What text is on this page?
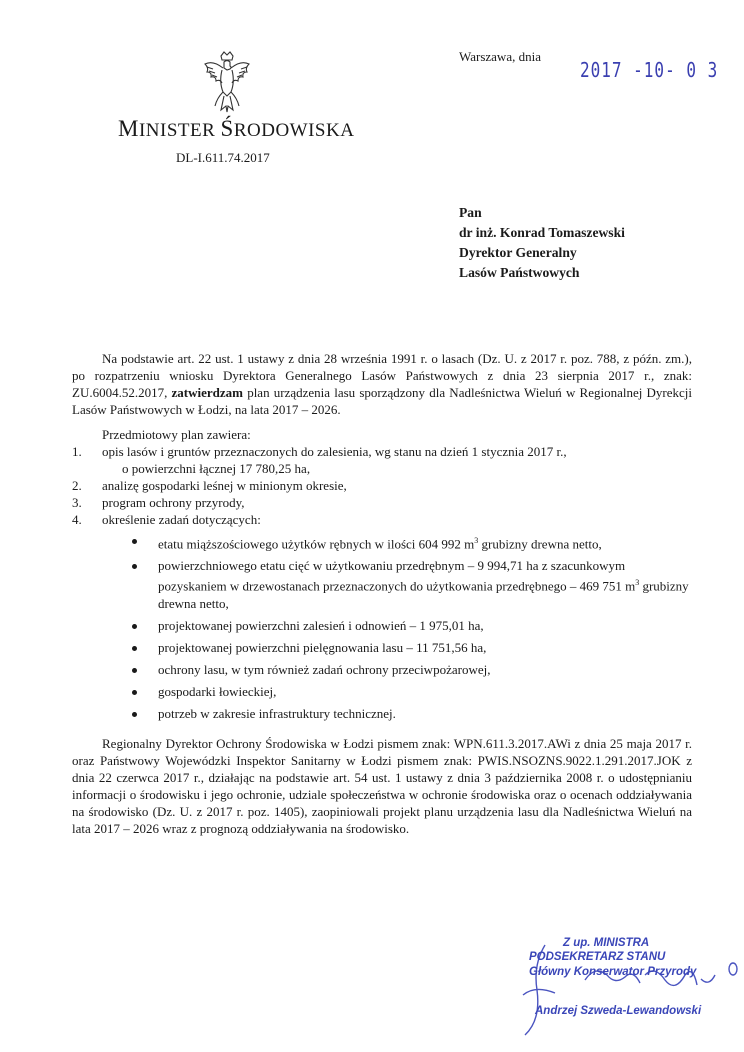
MINISTER ŚRODOWISKA
DL-I.611.74.2017
Warszawa, dnia
2017 -10- 0 3
Pan
dr inż. Konrad Tomaszewski
Dyrektor Generalny
Lasów Państwowych

Na podstawie art. 22 ust. 1 ustawy z dnia 28 września 1991 r. o lasach (Dz. U. z 2017 r. poz. 788, z późn. zm.), po rozpatrzeniu wniosku Dyrektora Generalnego Lasów Państwowych z dnia 23 sierpnia 2017 r., znak: ZU.6004.52.2017, zatwierdzam plan urządzenia lasu sporządzony dla Nadleśnictwa Wieluń w Regionalnej Dyrekcji Lasów Państwowych w Łodzi, na lata 2017 – 2026.

Przedmiotowy plan zawiera:

1. opis lasów i gruntów przeznaczonych do zalesienia, wg stanu na dzień 1 stycznia 2017 r.,
o powierzchni łącznej 17 780,25 ha,
2. analizę gospodarki leśnej w minionym okresie,
3. program ochrony przyrody,
4. określenie zadań dotyczących:
etatu miąższościowego użytków rębnych w ilości 604 992 $m^3$ grubizny drewna netto,
powierzchniowego etatu cięć w użytkowaniu przedrębnym – 9 994,71 ha z szacunkowym pozyskaniem w drzewostanach przeznaczonych do użytkowania przedrębnego – 469 751 $m^3$ grubizny drewna netto,
projektowanej powierzchni zalesień i odnowień – 1 975,01 ha,
projektowanej powierzchni pielęgnowania lasu – 11 751,56 ha,
ochrony lasu, w tym również zadań ochrony przeciwpożarowej,
gospodarki łowieckiej,
potrzeb w zakresie infrastruktury technicznej.

Regionalny Dyrektor Ochrony Środowiska w Łodzi pismem znak: WPN.611.3.2017.AWi z dnia 25 maja 2017 r. oraz Państwowy Wojewódzki Inspektor Sanitarny w Łodzi pismem znak: PWIS.NSOZNS.9022.1.291.2017.JOK z dnia 22 czerwca 2017 r., działając na podstawie art. 54 ust. 1 ustawy z dnia 3 października 2008 r. o udostępnianiu informacji o środowisku i jego ochronie, udziale społeczeństwa w ochronie środowiska oraz o ocenach oddziaływania na środowisko (Dz. U. z 2017 r. poz. 1405), zaopiniowali projekt planu urządzenia lasu dla Nadleśnictwa Wieluń na lata 2017 – 2026 wraz z prognozą oddziaływania na środowisko.

Z up. MINISTRA
PODSEKRETARZ STANU
Główny Konserwator Przyrody
Andrzej Szweda-Lewandowski
